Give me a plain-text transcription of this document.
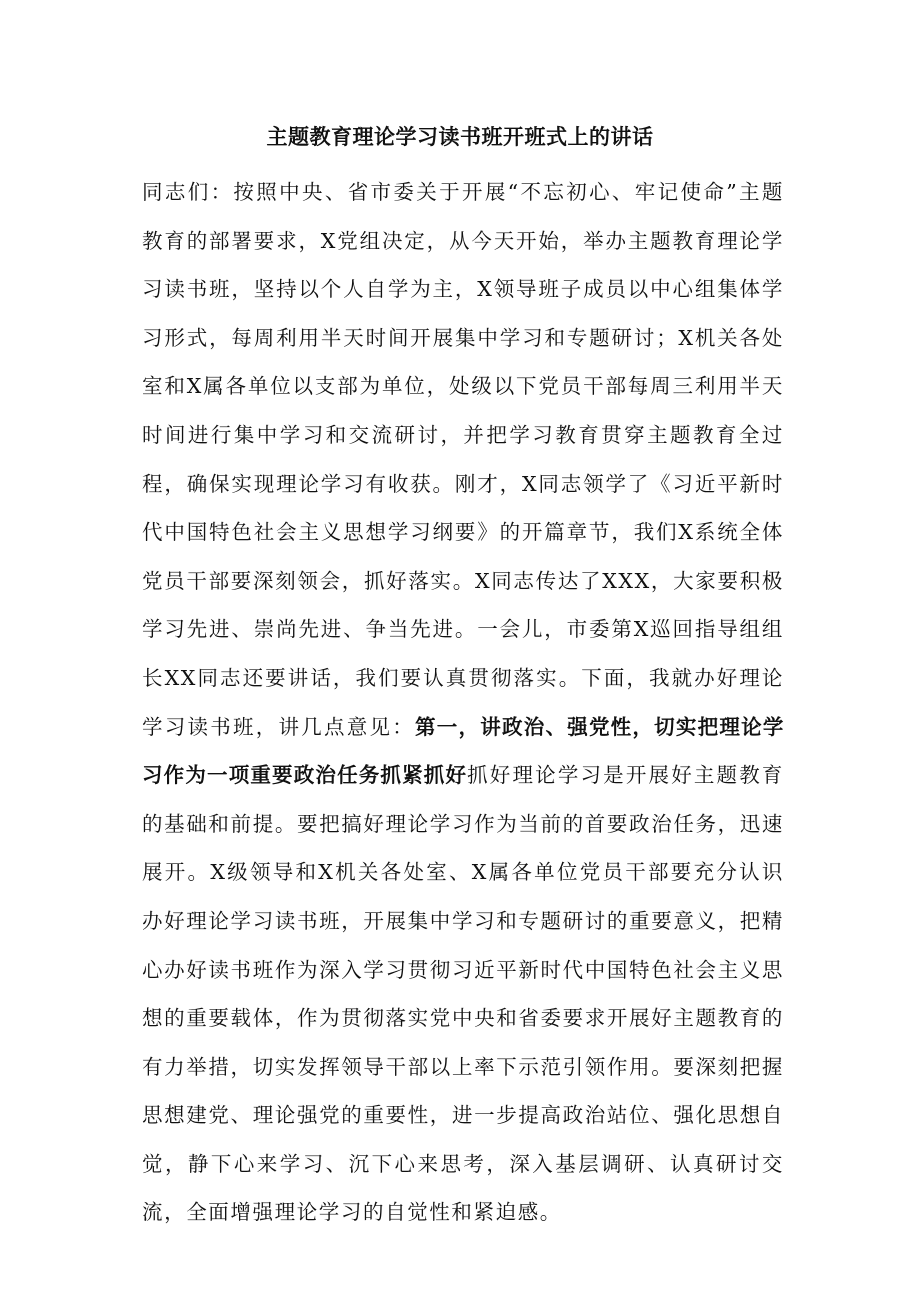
主题教育理论学习读书班开班式上的讲话
同志们：按照中央、省市委关于开展“不忘初心、牢记使命”主题教育的部署要求，X党组决定，从今天开始，举办主题教育理论学习读书班，坚持以个人自学为主，X领导班子成员以中心组集体学习形式，每周利用半天时间开展集中学习和专题研讨；X机关各处室和X属各单位以支部为单位，处级以下党员干部每周三利用半天时间进行集中学习和交流研讨，并把学习教育贯穿主题教育全过程，确保实现理论学习有收获。刚才，X同志领学了《习近平新时代中国特色社会主义思想学习纲要》的开篇章节，我们X系统全体党员干部要深刻领会，抓好落实。X同志传达了XXX，大家要积极学习先进、崇尚先进、争当先进。一会儿，市委第X巡回指导组组长XX同志还要讲话，我们要认真贯彻落实。下面，我就办好理论学习读书班，讲几点意见：第一，讲政治、强党性，切实把理论学习作为一项重要政治任务抓紧抓好抓好理论学习是开展好主题教育的基础和前提。要把搞好理论学习作为当前的首要政治任务，迅速展开。X级领导和X机关各处室、X属各单位党员干部要充分认识办好理论学习读书班，开展集中学习和专题研讨的重要意义，把精心办好读书班作为深入学习贯彻习近平新时代中国特色社会主义思想的重要载体，作为贯彻落实党中央和省委要求开展好主题教育的有力举措，切实发挥领导干部以上率下示范引领作用。要深刻把握思想建党、理论强党的重要性，进一步提高政治站位、强化思想自觉，静下心来学习、沉下心来思考，深入基层调研、认真研讨交流，全面增强理论学习的自觉性和紧迫感。
